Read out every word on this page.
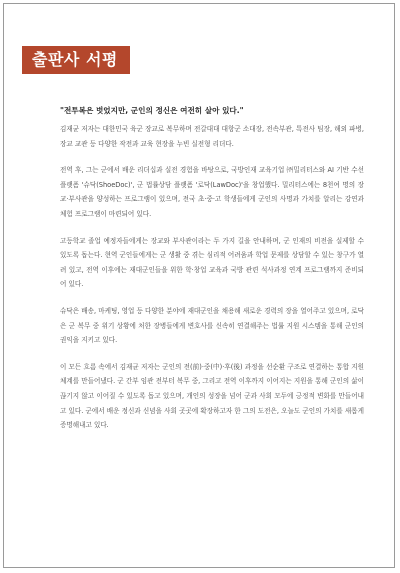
출판사 서평

"전투복은 벗었지만, 군인의 정신은 여전히 살아 있다."

김재균 저자는 대한민국 육군 장교로 복무하며 전갈대대 대항군 소대장, 전속부관, 특전사 팀장, 해외 파병, 장교 교관 등 다양한 작전과 교육 현장을 누빈 실전형 리더다.

전역 후, 그는 군에서 배운 리더십과 실전 경험을 바탕으로, 국방인재 교육기업 ㈜밀리터스와 AI 기반 수선 플랫폼 '슈닥(ShoeDoc)', 군 법률상담 플랫폼 '로닥(LawDoc)'을 창업했다. 밀리터스에는 8천여 명의 장교·부사관을 양성하는 프로그램이 있으며, 전국 초·중·고 학생들에게 군인의 사명과 가치를 알리는 강연과 체험 프로그램이 마련되어 있다.

고등학교 졸업 예정자들에게는 장교와 부사관이라는 두 가지 길을 안내하며, 군 인재의 비전을 실제할 수 있도록 돕는다. 현역 군인들에게는 군 생활 중 겪는 심리적 어려움과 학업 문제를 상담할 수 있는 창구가 열려 있고, 전역 이후에는 재대군인들을 위한 학·창업 교육과 국방 관련 석사과정 연계 프로그램까지 준비되어 있다.

슈닥은 배송, 마케팅, 영업 등 다양한 분야에 재대군인을 채용해 새로운 경력의 장을 열어주고 있으며, 로닥은 군 복무 중 위기 상황에 처한 장병들에게 변호사를 신속히 연결해주는 법률 지원 시스템을 통해 군인의 권익을 지키고 있다.

이 모든 흐름 속에서 김재균 저자는 군인의 전(前)·중(中)·후(後) 과정을 선순환 구조로 연결하는 통합 지원 체계를 만들어냈다. 군 간부 임관 전부터 복무 중, 그리고 전역 이후까지 이어지는 지원을 통해 군인의 삶이 끊기지 않고 이어질 수 있도록 돕고 있으며, 개인의 성장을 넘어 군과 사회 모두에 긍정적 변화를 만들어내고 있다. 군에서 배운 정신과 신념을 사회 곳곳에 확장하고자 한 그의 도전은, 오늘도 군인의 가치를 새롭게 증명해내고 있다.
